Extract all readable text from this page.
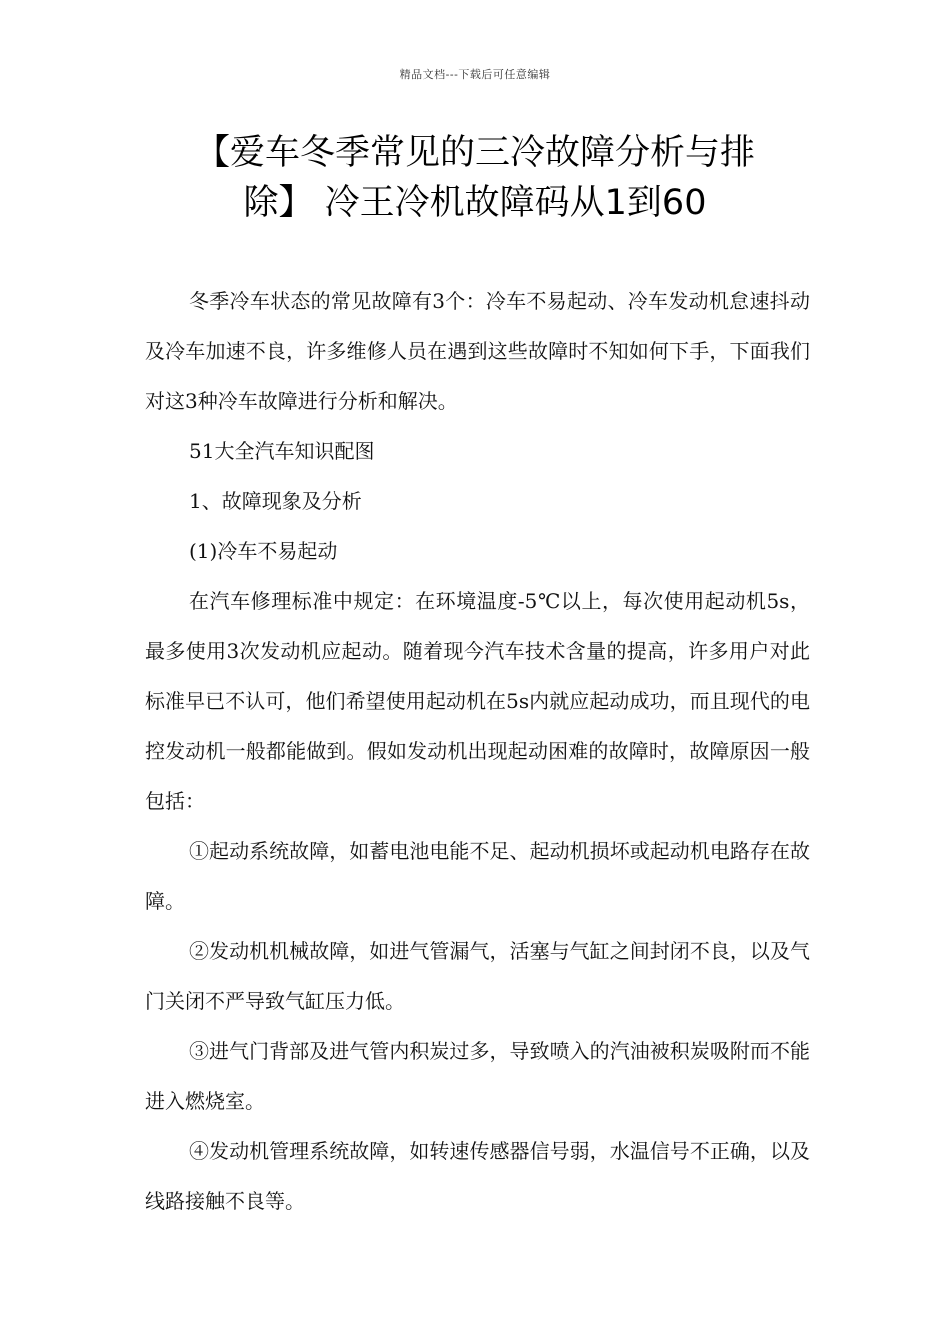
精品文档---下载后可任意编辑
【爱车冬季常见的三冷故障分析与排
除】 冷王冷机故障码从1到60

冬季冷车状态的常见故障有3个：冷车不易起动、冷车发动机怠速抖动及冷车加速不良，许多维修人员在遇到这些故障时不知如何下手，下面我们对这3种冷车故障进行分析和解决。

51大全汽车知识配图

1、故障现象及分析

(1)冷车不易起动

在汽车修理标准中规定：在环境温度-5℃以上，每次使用起动机5s，最多使用3次发动机应起动。随着现今汽车技术含量的提高，许多用户对此标准早已不认可，他们希望使用起动机在5s内就应起动成功，而且现代的电控发动机一般都能做到。假如发动机出现起动困难的故障时，故障原因一般包括：

①起动系统故障，如蓄电池电能不足、起动机损坏或起动机电路存在故障。

②发动机机械故障，如进气管漏气，活塞与气缸之间封闭不良，以及气门关闭不严导致气缸压力低。

③进气门背部及进气管内积炭过多，导致喷入的汽油被积炭吸附而不能进入燃烧室。

④发动机管理系统故障，如转速传感器信号弱，水温信号不正确，以及线路接触不良等。
